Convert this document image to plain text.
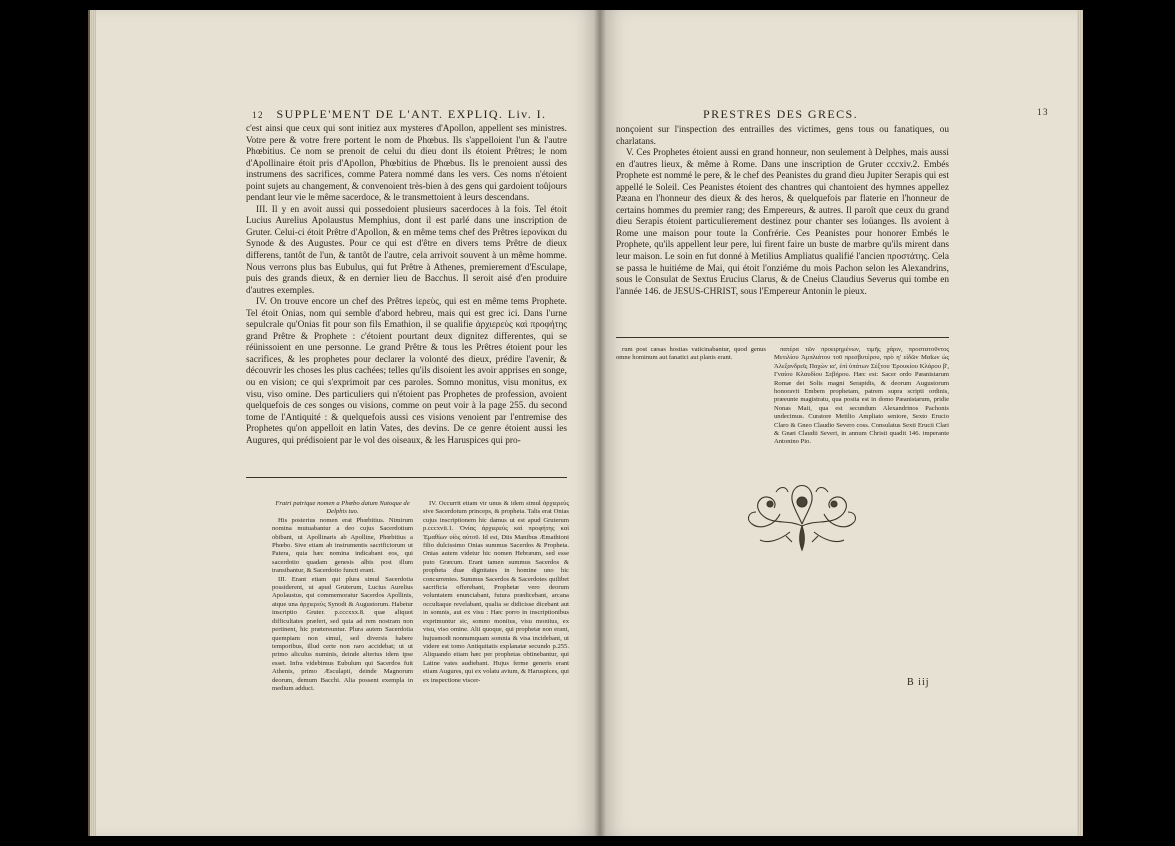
12 SUPPLE'MENT DE L'ANT. EXPLIQ. Liv. I.

c'est ainsi que ceux qui sont initiez aux mysteres d'Apollon, appellent ses ministres. Votre pere & votre frere portent le nom de Phœbus. Ils s'appelloient l'un & l'autre Phœbitius. Ce nom se prenoit de celui du dieu dont ils étoient Prêtres; le nom d'Apollinaire étoit pris d'Apollon, Phœbitius de Phœbus. Ils le prenoient aussi des instrumens des sacrifices, comme Patera nommé dans les vers. Ces noms n'étoient point sujets au changement, & convenoient très-bien à des gens qui gardoient toûjours pendant leur vie le même sacerdoce, & le transmettoient à leurs descendans.

III. Il y en avoit aussi qui possedoient plusieurs sacerdoces à la fois. Tel étoit Lucius Aurelius Apolaustus Memphius, dont il est parlé dans une inscription de Gruter. Celui-ci étoit Prêtre d'Apollon, & en même tems chef des Prêtres ἱερονίκαι du Synode & des Augustes. Pour ce qui est d'être en divers tems Prêtre de dieux differens, tantôt de l'un, & tantôt de l'autre, cela arrivoit souvent à un même homme. Nous verrons plus bas Eubulus, qui fut Prêtre à Athenes, premierement d'Esculape, puis des grands dieux, & en dernier lieu de Bacchus. Il seroit aisé d'en produire d'autres exemples.

IV. On trouve encore un chef des Prêtres ἱερεὺς, qui est en même tems Prophete. Tel étoit Onias, nom qui semble d'abord hebreu, mais qui est grec ici. Dans l'urne sepulcrale qu'Onias fit pour son fils Emathion, il se qualifie ἀρχιερεὺς καὶ προφήτης grand Prêtre & Prophete : c'étoient pourtant deux dignitez differentes, qui se réünissoient en une personne. Le grand Prêtre & tous les Prêtres étoient pour les sacrifices, & les prophetes pour declarer la volonté des dieux, prédire l'avenir, & découvrir les choses les plus cachées; telles qu'ils disoient les avoir apprises en songe, ou en vision; ce qui s'exprimoit par ces paroles. Somno monitus, visu monitus, ex visu, viso omine. Des particuliers qui n'étoient pas Prophetes de profession, avoient quelquefois de ces songes ou visions, comme on peut voir à la page 255. du second tome de l'Antiquité : & quelquefois aussi ces visions venoient par l'entremise des Prophetes qu'on appelloit en latin Vates, des devins. De ce genre étoient aussi les Augures, qui prédisoient par le vol des oiseaux, & les Haruspices qui pro-

Fratri patrique nomen a Phœbo datum Natoque de Delphis tuo.

His posterius nomen erat Phœbitius. Nimirum nomina mutuabantur a deo cujus Sacerdotium obibant, ut Apollinaris ab Apolline, Phœbitius a Phœbo. Sive etiam ab instrumentis sacrificiorum ut Patera, quia hæc nomina indicabant eos, qui sacerdotio quadam genesis albis post illum transibantur, & Sacerdotio functi erant.

III. Erant etiam qui plura simul Sacerdotia possiderent, ut apud Gruterum, Lucius Aurelius Apolaustus, qui commemoratur Sacerdos Apollinis, atque una ἀρχιερεὺς Synodi & Augustorum. Habetur inscriptio Gruter. p.cccxxx.8. quæ aliquot difficultates præfert, sed quia ad rem nostram non pertinent, hic prætereuntur. Plura autem Sacerdotia quempiam non simul, sed diversis habere temporibus, illud certe non raro accidebat; ut ut primo aliculus numinis, deinde alterius idem ipse esset. Infra videbimus Eubulum qui Sacerdos fuit Athenis, primo Æsculapii, deinde Magnorum deorum, demum Bacchi. Alia possent exempla in medium adduci.

IV. Occurrit etiam vir unus & idem simul ἀρχιερεὺς sive Sacerdotum princeps, & propheta. Talis erat Onias cujus inscriptionem hic damus ut est apud Gruterum p.cccxvii.1. Ὀνίας ἀρχιερεὺς καὶ προφήτης καὶ Ἐμαθίων υἱὸς αὐτοῦ. Id est, Diis Manibus Æmathioni filio dulcissimo Onias summus Sacerdos & Propheta. Onias autem videtur hic nomen Hebræum, sed esse puto Græcum. Erant tamen summus Sacerdos & propheta duæ dignitates in homine uno hic concurrentes. Summus Sacerdos & Sacerdotes quilibet sacrificia offerebant, Prophetæ vero deorum voluntatem enunciabant, futura prædicebant, arcana occultaque revelabant, qualia se didicisse dicebant aut in somnis, aut ex visu : Hæc porro in inscriptionibus exprimuntur sic, somno monitus, visu monitus, ex visu, viso omine. Alii quoque, qui prophetæ non erant, hujusmodi nonnumquam somnia & visa incidebant, ut videre est tomo Antiquitatis explanatæ secundo p.255. Aliquando etiam hæc per prophetas obtinebantur, qui Latine vates audiebant. Hujus ferme generis erant etiam Augures, qui ex volatu avium, & Haruspices, qui ex inspectione viscer-

PRESTRES DES GRECS.	13

nonçoient sur l'inspection des entrailles des victimes, gens tous ou fanatiques, ou charlatans.

V. Ces Prophetes étoient aussi en grand honneur, non seulement à Delphes, mais aussi en d'autres lieux, & même à Rome. Dans une inscription de Gruter cccxiv.2. Embés Prophete est nommé le pere, & le chef des Peanistes du grand dieu Jupiter Serapis qui est appellé le Soleil. Ces Peanistes étoient des chantres qui chantoient des hymnes appellez Pæana en l'honneur des dieux & des heros, & quelquefois par flaterie en l'honneur de certains hommes du premier rang; des Empereurs, & autres. Il paroît que ceux du grand dieu Serapis étoient particulierement destinez pour chanter ses loüanges. Ils avoient à Rome une maison pour toute la Confrérie. Ces Peanistes pour honorer Embés le Prophete, qu'ils appellent leur pere, lui firent faire un buste de marbre qu'ils mirent dans leur maison. Le soin en fut donné à Metilius Ampliatus qualifié l'ancien προστάτης. Cela se passa le huitiéme de Mai, qui étoit l'onziéme du mois Pachon selon les Alexandrins, sous le Consulat de Sextus Erucius Clarus, & de Cneius Claudius Severus qui tombe en l'année 146. de JESUS-CHRIST, sous l'Empereur Antonin le pieux.

rum post cæsas hostias vaticinabantur, quod genus omne hominum aut fanatici aut planis erant.

πατέρα τῶν προειρημένων, τιμῆς χάριν, προστατοῦντος Μετιλίου Ἀμπλιάτου τοῦ πρεσβυτέρου, πρὸ η' εἰδῶν Μαΐων ὡς Ἀλεξανδρεῖς Παχὼν ια', ἐπὶ ὑπάτων Σέξτου Ἐρουκίου Κλάρου β', Γναίου Κλαυδίου Σεβήρου. Hæc est: Sacer ordo Pæanistarum Romæ dei Solis magni Serapidis, & deorum Augustorum honoravit Embem prophetam, patrem supra scripti ordinis, præeunte magistratu, qua posita est in domo Pæanistarum, pridie Nonas Maii, qua est secundum Alexandrinos Pachonis undecimus. Curatore Metilio Ampliato seniore, Sexto Erucio Claro & Gneo Claudio Severo coss. Consulatus Sexti Erucii Clari & Gnæi Claudii Severi, in annum Christi quadit 146. imperante Antonino Pio.

B iij
